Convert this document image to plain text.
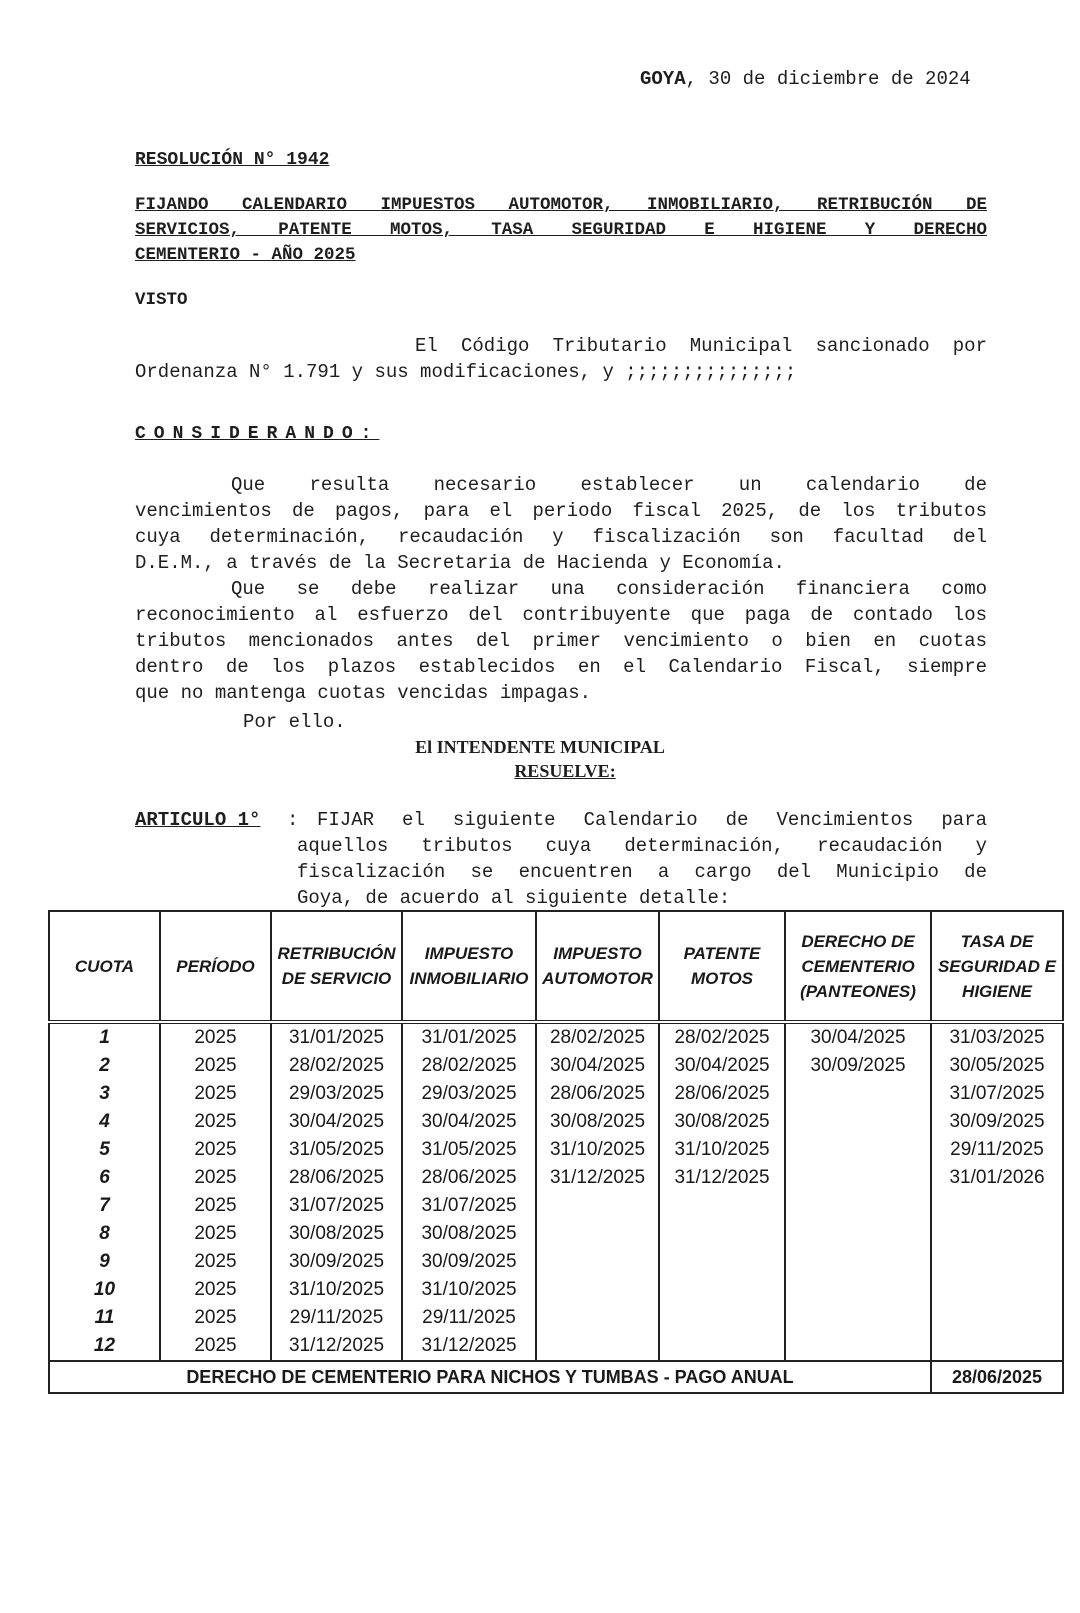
GOYA, 30 de diciembre de 2024
RESOLUCIÓN N° 1942
FIJANDO CALENDARIO IMPUESTOS AUTOMOTOR, INMOBILIARIO, RETRIBUCIÓN DE
SERVICIOS, PATENTE MOTOS, TASA SEGURIDAD E HIGIENE Y DERECHO
CEMENTERIO - AÑO 2025
VISTO
El Código Tributario Municipal sancionado por
Ordenanza N° 1.791 y sus modificaciones, y ;;;;;;;;;;;;;;;
CONSIDERANDO:
Que resulta necesario establecer un calendario de
vencimientos de pagos, para el periodo fiscal 2025, de los tributos
cuya determinación, recaudación y fiscalización son facultad del
D.E.M., a través de la Secretaria de Hacienda y Economía.
Que se debe realizar una consideración financiera como
reconocimiento al esfuerzo del contribuyente que paga de contado los
tributos mencionados antes del primer vencimiento o bien en cuotas
dentro de los plazos establecidos en el Calendario Fiscal, siempre
que no mantenga cuotas vencidas impagas.
Por ello.
El INTENDENTE MUNICIPAL
RESUELVE:
ARTICULO 1° : FIJAR el siguiente Calendario de Vencimientos para
aquellos tributos cuya determinación, recaudación y
fiscalización se encuentren a cargo del Municipio de
Goya, de acuerdo al siguiente detalle:
CUOTA	PERÍODO	RETRIBUCIÓN DE SERVICIO	IMPUESTO INMOBILIARIO	IMPUESTO AUTOMOTOR	PATENTE MOTOS	DERECHO DE CEMENTERIO (PANTEONES)	TASA DE SEGURIDAD E HIGIENE
1	2025	31/01/2025	31/01/2025	28/02/2025	28/02/2025	30/04/2025	31/03/2025
2	2025	28/02/2025	28/02/2025	30/04/2025	30/04/2025	30/09/2025	30/05/2025
3	2025	29/03/2025	29/03/2025	28/06/2025	28/06/2025		31/07/2025
4	2025	30/04/2025	30/04/2025	30/08/2025	30/08/2025		30/09/2025
5	2025	31/05/2025	31/05/2025	31/10/2025	31/10/2025		29/11/2025
6	2025	28/06/2025	28/06/2025	31/12/2025	31/12/2025		31/01/2026
7	2025	31/07/2025	31/07/2025				
8	2025	30/08/2025	30/08/2025				
9	2025	30/09/2025	30/09/2025				
10	2025	31/10/2025	31/10/2025				
11	2025	29/11/2025	29/11/2025				
12	2025	31/12/2025	31/12/2025				
DERECHO DE CEMENTERIO PARA NICHOS Y TUMBAS - PAGO ANUAL							28/06/2025
